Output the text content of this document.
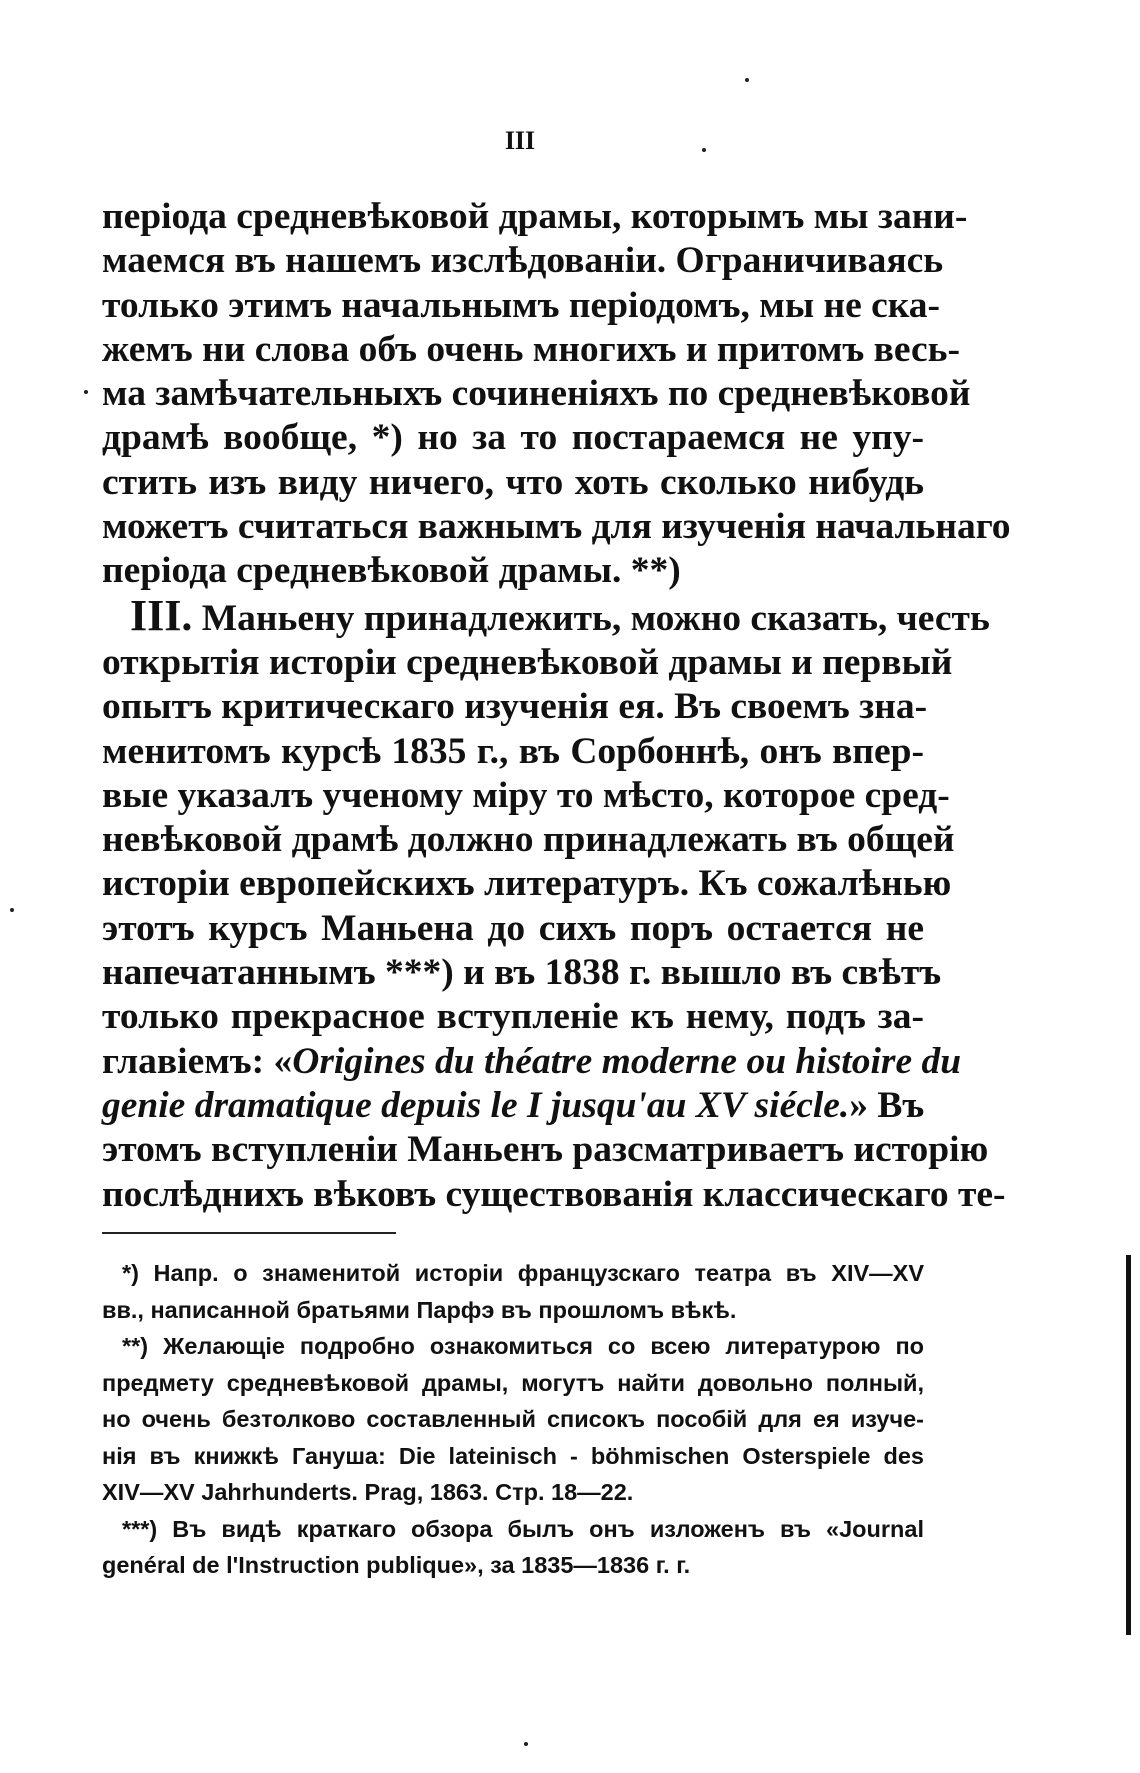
III
періода средневѣковой драмы, которымъ мы зани-
маемся въ нашемъ изслѣдованіи. Ограничиваясь
только этимъ начальнымъ періодомъ, мы не ска-
жемъ ни слова объ очень многихъ и притомъ весь-
ма замѣчательныхъ сочиненіяхъ по средневѣковой
драмѣ вообще, *) но за то постараемся не упу-
стить изъ виду ничего, что хоть сколько нибудь
можетъ считаться важнымъ для изученія начальнаго
періода средневѣковой драмы. **)
III. Маньену принадлежить, можно сказать, честь
открытія исторіи средневѣковой драмы и первый
опытъ критическаго изученія ея. Въ своемъ зна-
менитомъ курсѣ 1835 г., въ Сорбоннѣ, онъ впер-
вые указалъ ученому міру то мѣсто, которое сред-
невѣковой драмѣ должно принадлежать въ общей
исторіи европейскихъ литературъ. Къ сожалѣнью
этотъ курсъ Маньена до сихъ поръ остается не
напечатаннымъ ***) и въ 1838 г. вышло въ свѣтъ
только прекрасное вступленіе къ нему, подъ за-
главіемъ: «Origines du théatre moderne ou histoire du
genie dramatique depuis le I jusqu'au XV siécle.» Въ
этомъ вступленіи Маньенъ разсматриваетъ исторію
послѣднихъ вѣковъ существованія классическаго те-
*) Напр. о знаменитой исторіи французскаго театра въ XIV—XV
вв., написанной братьями Парфэ въ прошломъ вѣкѣ.
**) Желающіе подробно ознакомиться со всею литературою по
предмету средневѣковой драмы, могутъ найти довольно полный,
но очень безтолково составленный списокъ пособій для ея изуче-
нія въ книжкѣ Гануша: Die lateinisch - böhmischen Osterspiele des
XIV—XV Jahrhunderts. Prag, 1863. Стр. 18—22.
***) Въ видѣ краткаго обзора былъ онъ изложенъ въ «Journal
genéral de l'Instruction publique», за 1835—1836 г. г.
